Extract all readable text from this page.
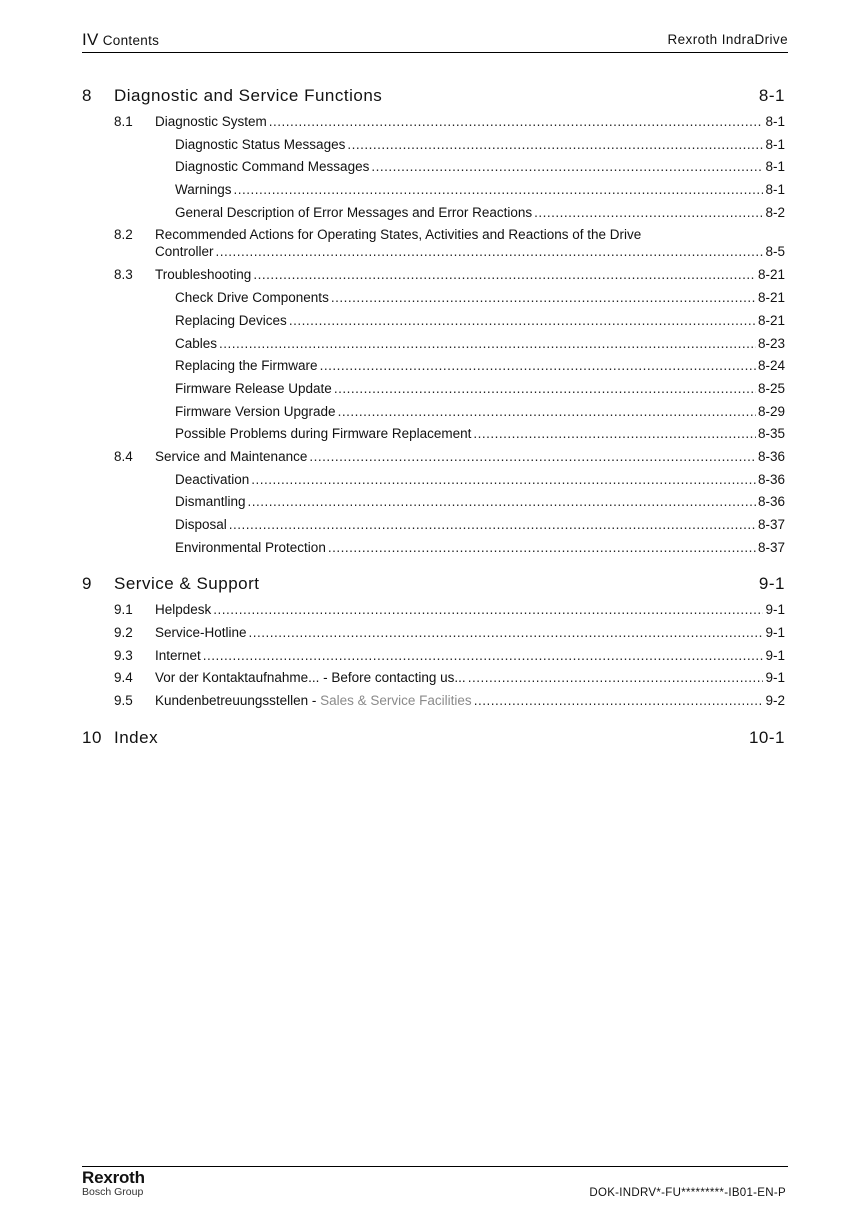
IV Contents	Rexroth IndraDrive
8	Diagnostic and Service Functions	8-1
8.1	Diagnostic System .....	8-1
Diagnostic Status Messages .....	8-1
Diagnostic Command Messages .....	8-1
Warnings .....	8-1
General Description of Error Messages and Error Reactions .....	8-2
8.2	Recommended Actions for Operating States, Activities and Reactions of the Drive
Controller .....	8-5
8.3	Troubleshooting .....	8-21
Check Drive Components .....	8-21
Replacing Devices .....	8-21
Cables .....	8-23
Replacing the Firmware .....	8-24
Firmware Release Update .....	8-25
Firmware Version Upgrade .....	8-29
Possible Problems during Firmware Replacement .....	8-35
8.4	Service and Maintenance .....	8-36
Deactivation .....	8-36
Dismantling .....	8-36
Disposal .....	8-37
Environmental Protection .....	8-37
9	Service & Support	9-1
9.1	Helpdesk .....	9-1
9.2	Service-Hotline .....	9-1
9.3	Internet .....	9-1
9.4	Vor der Kontaktaufnahme... - Before contacting us... .....	9-1
9.5	Kundenbetreuungsstellen - Sales & Service Facilities .....	9-2
10 Index	10-1
Rexroth
Bosch Group	DOK-INDRV*-FU*********-IB01-EN-P
